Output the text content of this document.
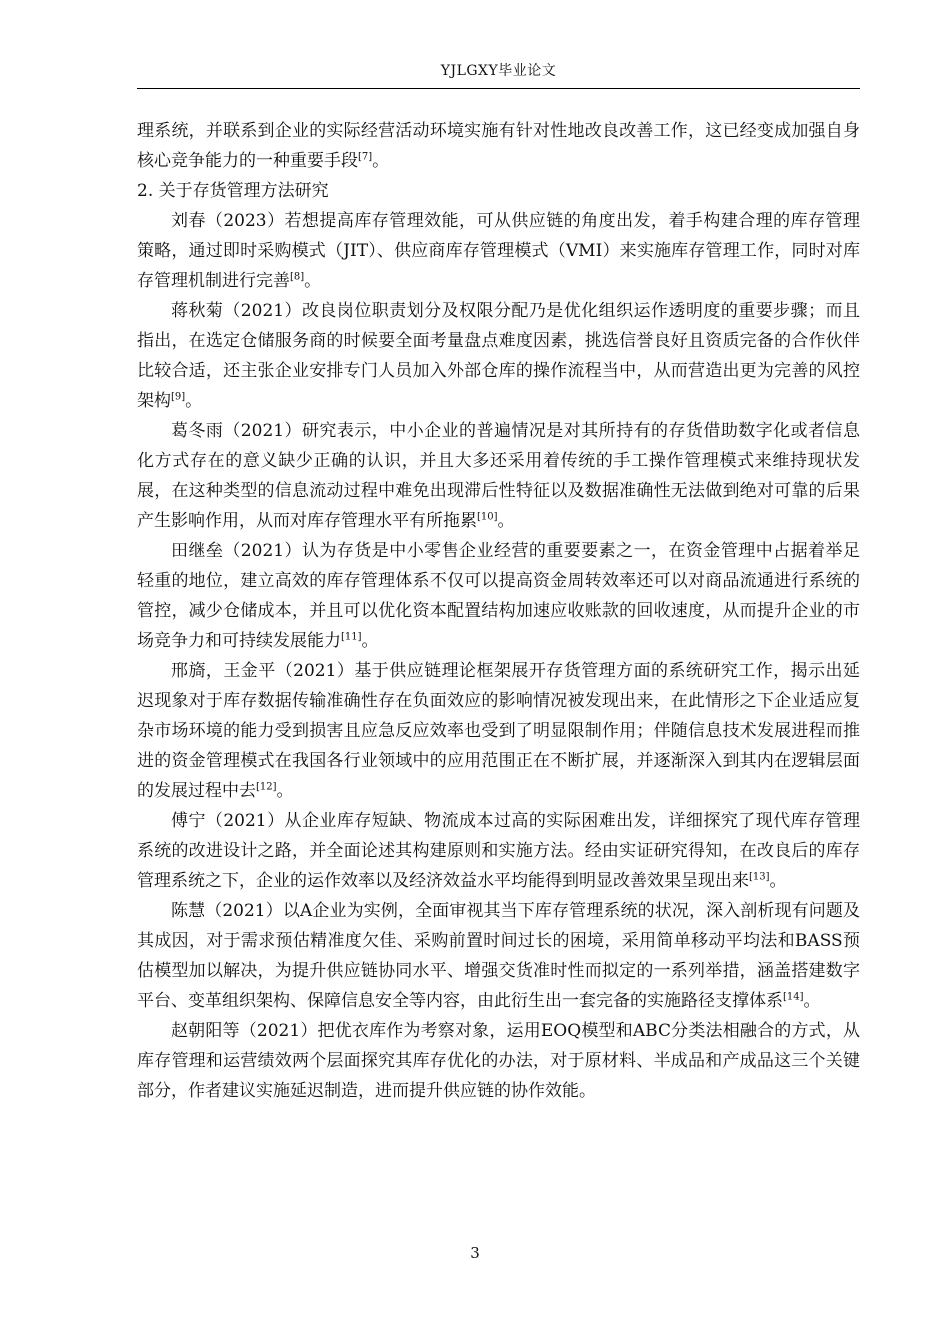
YJLGXY毕业论文

理系统，并联系到企业的实际经营活动环境实施有针对性地改良改善工作，这已经变成加强自身核心竞争能力的一种重要手段[7]。

2. 关于存货管理方法研究

刘春（2023）若想提高库存管理效能，可从供应链的角度出发，着手构建合理的库存管理策略，通过即时采购模式（JIT）、供应商库存管理模式（VMI）来实施库存管理工作，同时对库存管理机制进行完善[8]。

蒋秋菊（2021）改良岗位职责划分及权限分配乃是优化组织运作透明度的重要步骤；而且指出，在选定仓储服务商的时候要全面考量盘点难度因素，挑选信誉良好且资质完备的合作伙伴比较合适，还主张企业安排专门人员加入外部仓库的操作流程当中，从而营造出更为完善的风控架构[9]。

葛冬雨（2021）研究表示，中小企业的普遍情况是对其所持有的存货借助数字化或者信息化方式存在的意义缺少正确的认识，并且大多还采用着传统的手工操作管理模式来维持现状发展，在这种类型的信息流动过程中难免出现滞后性特征以及数据准确性无法做到绝对可靠的后果产生影响作用，从而对库存管理水平有所拖累[10]。

田继垒（2021）认为存货是中小零售企业经营的重要要素之一，在资金管理中占据着举足轻重的地位，建立高效的库存管理体系不仅可以提高资金周转效率还可以对商品流通进行系统的管控，减少仓储成本，并且可以优化资本配置结构加速应收账款的回收速度，从而提升企业的市场竞争力和可持续发展能力[11]。

邢旖，王金平（2021）基于供应链理论框架展开存货管理方面的系统研究工作，揭示出延迟现象对于库存数据传输准确性存在负面效应的影响情况被发现出来，在此情形之下企业适应复杂市场环境的能力受到损害且应急反应效率也受到了明显限制作用；伴随信息技术发展进程而推进的资金管理模式在我国各行业领域中的应用范围正在不断扩展，并逐渐深入到其内在逻辑层面的发展过程中去[12]。

傅宁（2021）从企业库存短缺、物流成本过高的实际困难出发，详细探究了现代库存管理系统的改进设计之路，并全面论述其构建原则和实施方法。经由实证研究得知，在改良后的库存管理系统之下，企业的运作效率以及经济效益水平均能得到明显改善效果呈现出来[13]。

陈慧（2021）以A企业为实例，全面审视其当下库存管理系统的状况，深入剖析现有问题及其成因，对于需求预估精准度欠佳、采购前置时间过长的困境，采用简单移动平均法和BASS预估模型加以解决，为提升供应链协同水平、增强交货准时性而拟定的一系列举措，涵盖搭建数字平台、变革组织架构、保障信息安全等内容，由此衍生出一套完备的实施路径支撑体系[14]。

赵朝阳等（2021）把优衣库作为考察对象，运用EOQ模型和ABC分类法相融合的方式，从库存管理和运营绩效两个层面探究其库存优化的办法，对于原材料、半成品和产成品这三个关键部分，作者建议实施延迟制造，进而提升供应链的协作效能。

3
